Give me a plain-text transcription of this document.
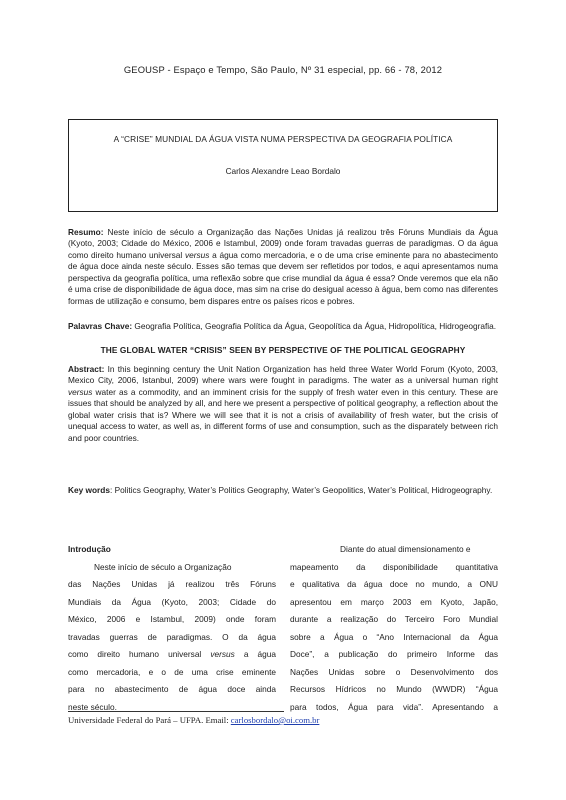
GEOUSP - Espaço e Tempo, São Paulo, Nº 31 especial, pp. 66 - 78, 2012
A “CRISE” MUNDIAL DA ÁGUA VISTA NUMA PERSPECTIVA DA GEOGRAFIA POLÍTICA
Carlos Alexandre Leao Bordalo
Resumo: Neste início de século a Organização das Nações Unidas já realizou três Fóruns Mundiais da Água (Kyoto, 2003; Cidade do México, 2006 e Istambul, 2009) onde foram travadas guerras de paradigmas. O da água como direito humano universal versus a água como mercadoria, e o de uma crise eminente para no abastecimento de água doce ainda neste século. Esses são temas que devem ser refletidos por todos, e aqui apresentamos numa perspectiva da geografia política, uma reflexão sobre que crise mundial da água é essa? Onde veremos que ela não é uma crise de disponibilidade de água doce, mas sim na crise do desigual acesso à água, bem como nas diferentes formas de utilização e consumo, bem dispares entre os países ricos e pobres.
Palavras Chave: Geografia Política, Geografia Política da Água, Geopolítica da Água, Hidropolítica, Hidrogeografia.
THE GLOBAL WATER “CRISIS” SEEN BY PERSPECTIVE OF THE POLITICAL GEOGRAPHY
Abstract: In this beginning century the Unit Nation Organization has held three Water World Forum (Kyoto, 2003, Mexico City, 2006, Istanbul, 2009) where wars were fought in paradigms. The water as a universal human right versus water as a commodity, and an imminent crisis for the supply of fresh water even in this century. These are issues that should be analyzed by all, and here we present a perspective of political geography, a reflection about the global water crisis that is? Where we will see that it is not a crisis of availability of fresh water, but the crisis of unequal access to water, as well as, in different forms of use and consumption, such as the disparately between rich and poor countries.
Key words: Politics Geography, Water’s Politics Geography, Water’s Geopolitics, Water’s Political, Hidrogeography.
Introdução
Neste início de século a Organização
das Nações Unidas já realizou três Fóruns
Mundiais da Água (Kyoto, 2003; Cidade do
México, 2006 e Istambul, 2009) onde foram
travadas guerras de paradigmas. O da água
como direito humano universal versus a água
como mercadoria, e o de uma crise eminente
para no abastecimento de água doce ainda
neste século.
Diante do atual dimensionamento e
mapeamento da disponibilidade quantitativa
e qualitativa da água doce no mundo, a ONU
apresentou em março 2003 em Kyoto, Japão,
durante a realização do Terceiro Foro Mundial
sobre a Água o “Ano Internacional da Água
Doce”, a publicação do primeiro Informe das
Nações Unidas sobre o Desenvolvimento dos
Recursos Hídricos no Mundo (WWDR) “Água
para todos, Água para vida”. Apresentando a
Universidade Federal do Pará – UFPA. Email: carlosbordalo@oi.com.br
